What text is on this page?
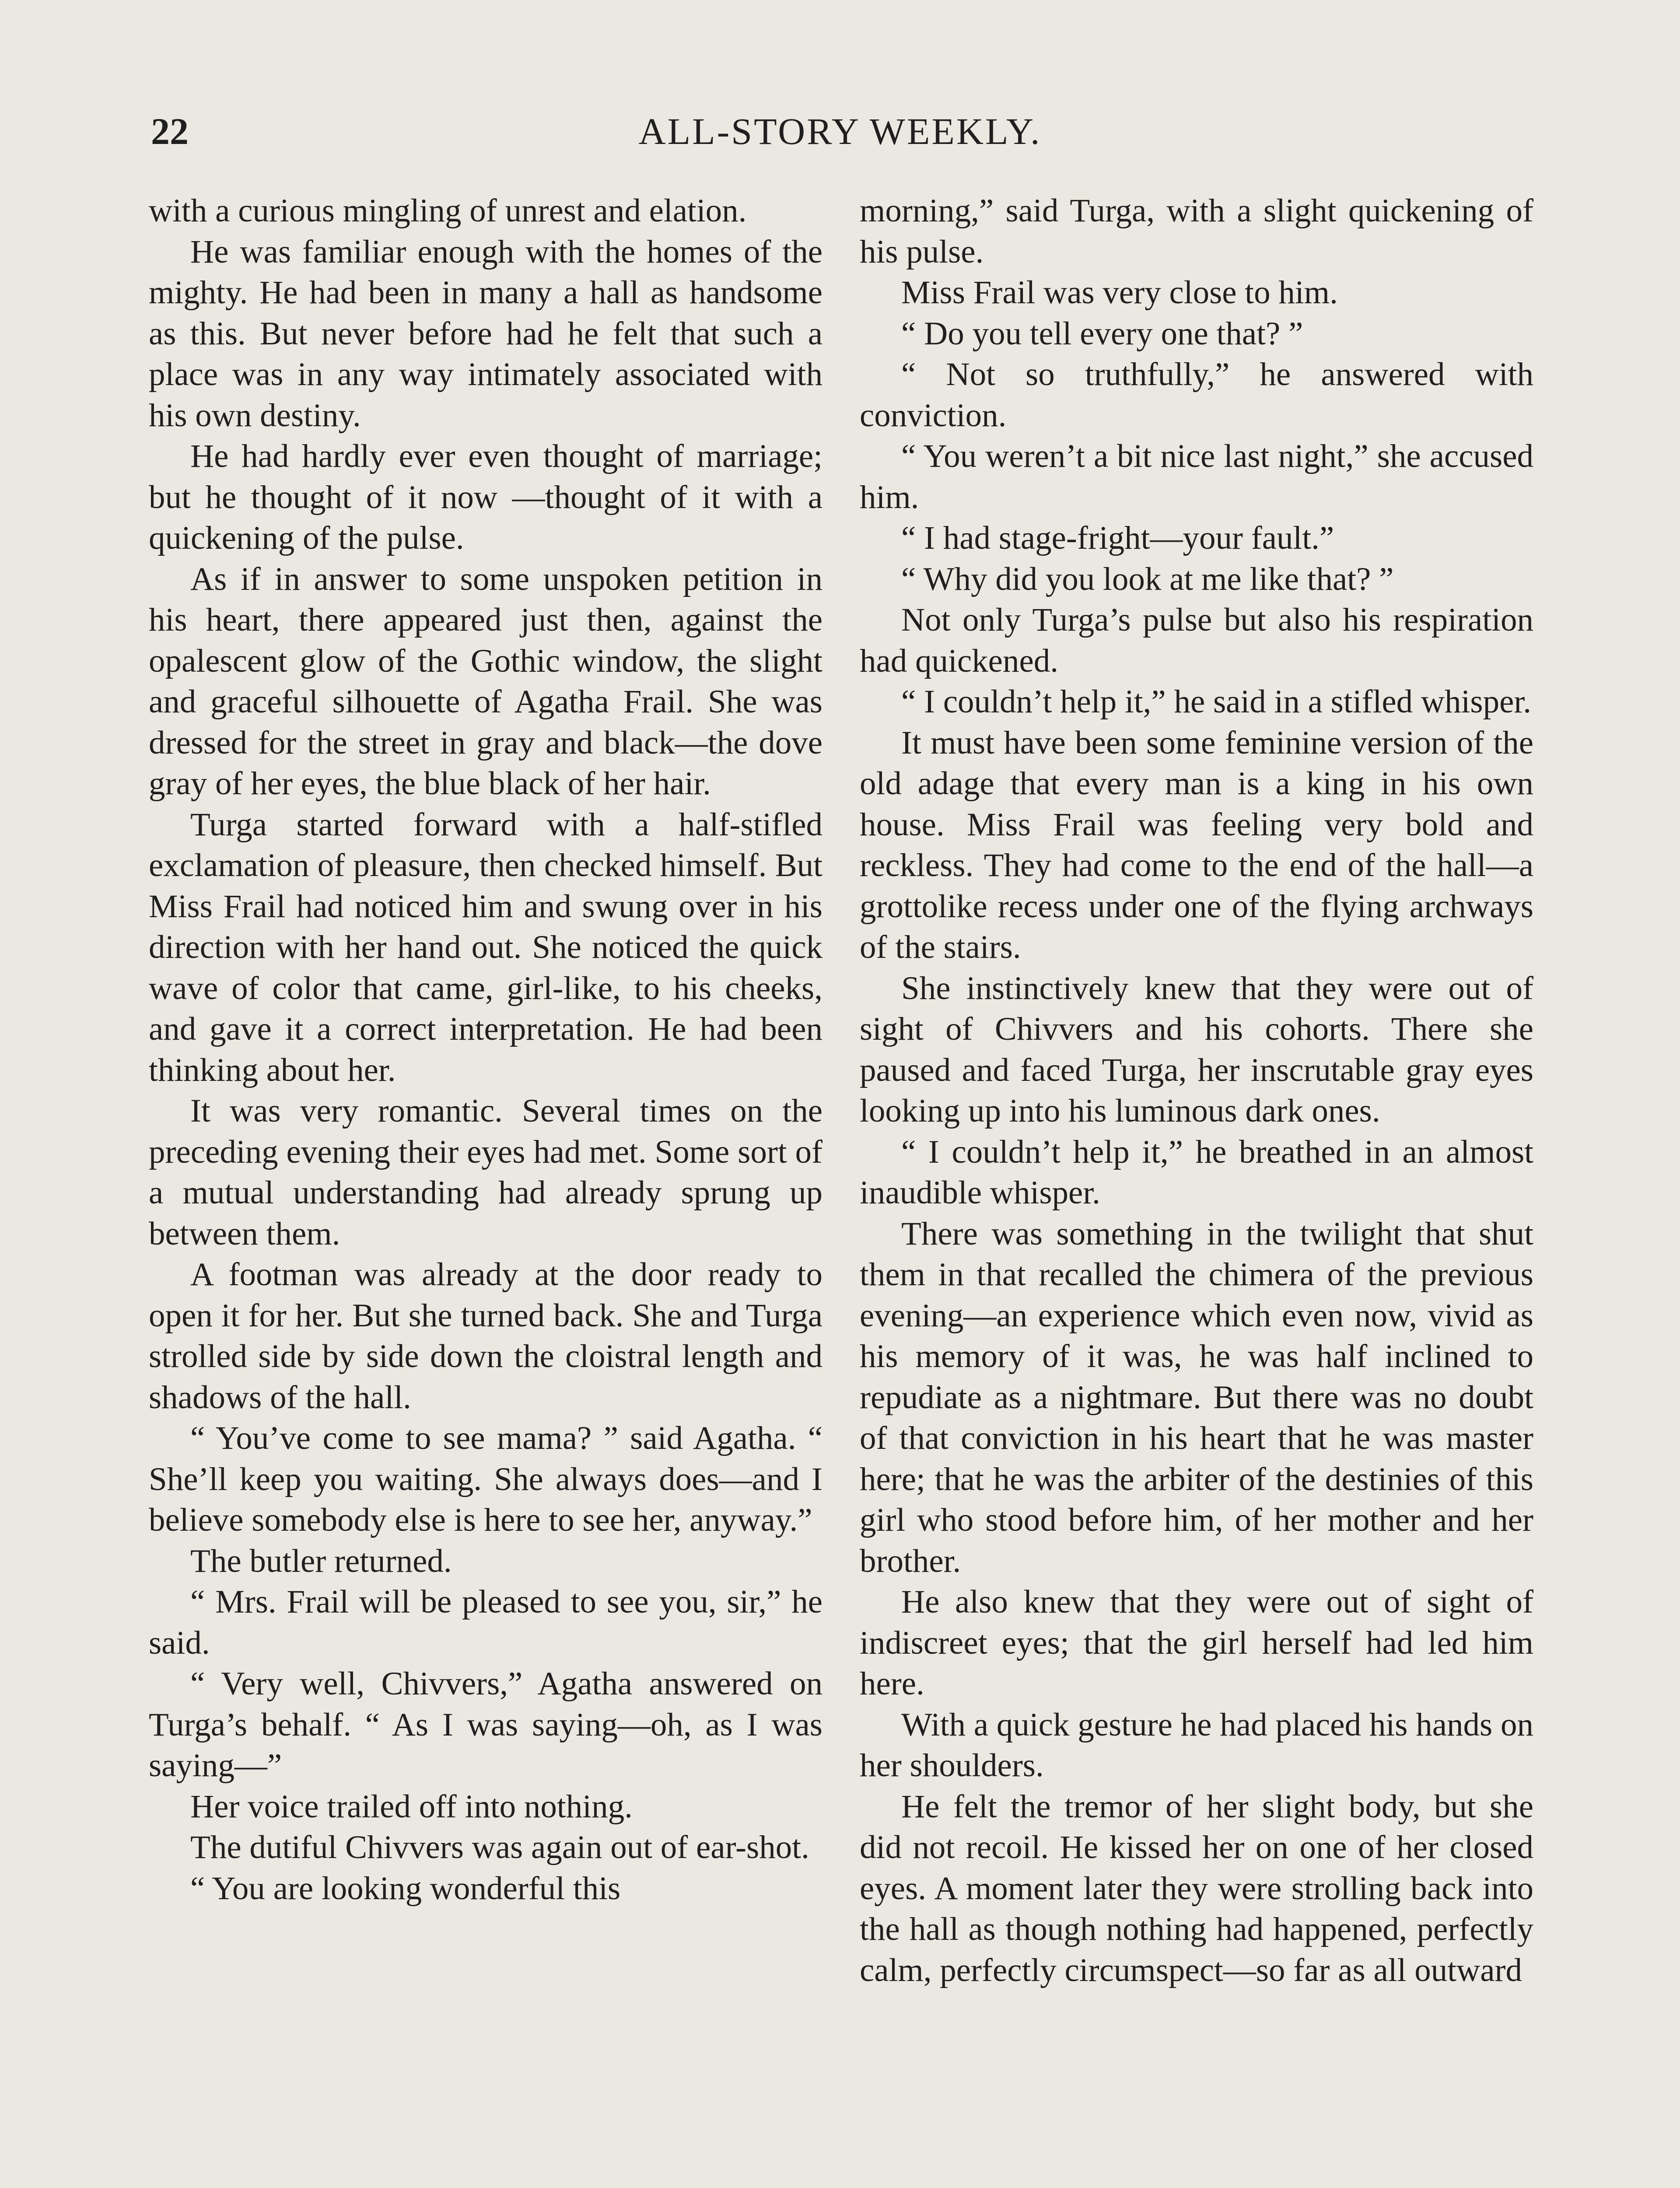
22	ALL-STORY WEEKLY.

with a curious mingling of unrest and elation.

He was familiar enough with the homes of the mighty. He had been in many a hall as handsome as this. But never before had he felt that such a place was in any way intimately associated with his own destiny.

He had hardly ever even thought of marriage; but he thought of it now —thought of it with a quickening of the pulse.

As if in answer to some unspoken petition in his heart, there appeared just then, against the opalescent glow of the Gothic window, the slight and graceful silhouette of Agatha Frail. She was dressed for the street in gray and black—the dove gray of her eyes, the blue black of her hair.

Turga started forward with a half-stifled exclamation of pleasure, then checked himself. But Miss Frail had noticed him and swung over in his direction with her hand out. She noticed the quick wave of color that came, girl-like, to his cheeks, and gave it a correct interpretation. He had been thinking about her.

It was very romantic. Several times on the preceding evening their eyes had met. Some sort of a mutual understanding had already sprung up between them.

A footman was already at the door ready to open it for her. But she turned back. She and Turga strolled side by side down the cloistral length and shadows of the hall.

“ You’ve come to see mama? ” said Agatha. “ She’ll keep you waiting. She always does—and I believe somebody else is here to see her, anyway.”

The butler returned.

“ Mrs. Frail will be pleased to see you, sir,” he said.

“ Very well, Chivvers,” Agatha answered on Turga’s behalf. “ As I was saying—oh, as I was saying—”

Her voice trailed off into nothing.

The dutiful Chivvers was again out of ear-shot.

“ You are looking wonderful this

morning,” said Turga, with a slight quickening of his pulse.

Miss Frail was very close to him.

“ Do you tell every one that? ”

“ Not so truthfully,” he answered with conviction.

“ You weren’t a bit nice last night,” she accused him.

“ I had stage-fright—your fault.”

“ Why did you look at me like that? ”

Not only Turga’s pulse but also his respiration had quickened.

“ I couldn’t help it,” he said in a stifled whisper.

It must have been some feminine version of the old adage that every man is a king in his own house. Miss Frail was feeling very bold and reckless. They had come to the end of the hall—a grottolike recess under one of the flying archways of the stairs.

She instinctively knew that they were out of sight of Chivvers and his cohorts. There she paused and faced Turga, her inscrutable gray eyes looking up into his luminous dark ones.

“ I couldn’t help it,” he breathed in an almost inaudible whisper.

There was something in the twilight that shut them in that recalled the chimera of the previous evening—an experience which even now, vivid as his memory of it was, he was half inclined to repudiate as a nightmare. But there was no doubt of that conviction in his heart that he was master here; that he was the arbiter of the destinies of this girl who stood before him, of her mother and her brother.

He also knew that they were out of sight of indiscreet eyes; that the girl herself had led him here.

With a quick gesture he had placed his hands on her shoulders.

He felt the tremor of her slight body, but she did not recoil. He kissed her on one of her closed eyes. A moment later they were strolling back into the hall as though nothing had happened, perfectly calm, perfectly circumspect—so far as all outward
